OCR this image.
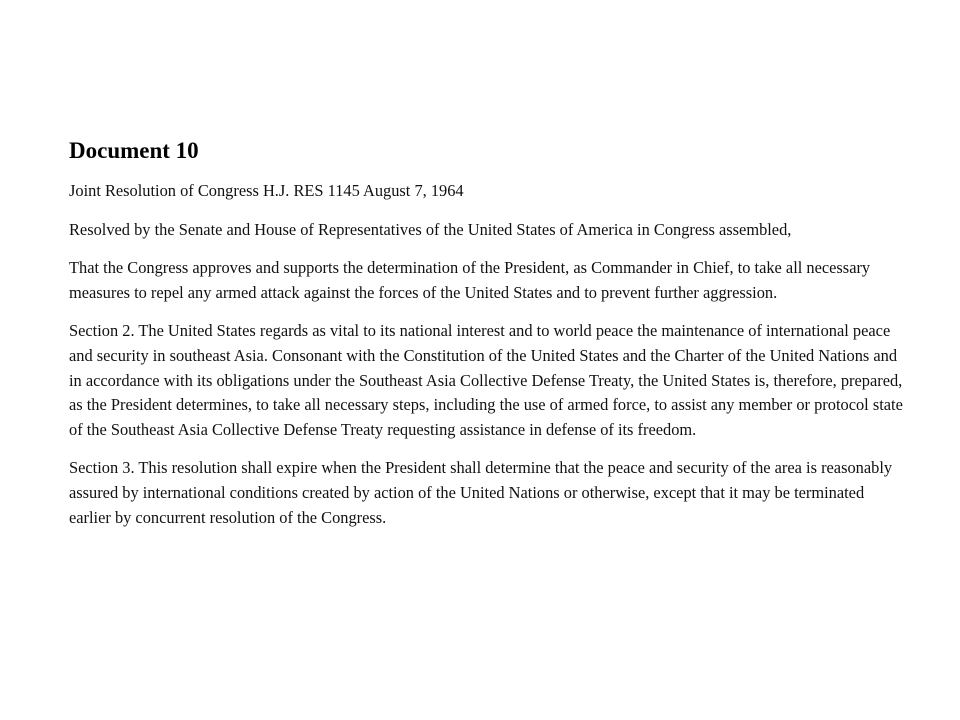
Document 10

Joint Resolution of Congress H.J. RES 1145 August 7, 1964

Resolved by the Senate and House of Representatives of the United States of America in Congress assembled,

That the Congress approves and supports the determination of the President, as Commander in Chief, to take all necessary measures to repel any armed attack against the forces of the United States and to prevent further aggression.

Section 2. The United States regards as vital to its national interest and to world peace the maintenance of international peace and security in southeast Asia. Consonant with the Constitution of the United States and the Charter of the United Nations and in accordance with its obligations under the Southeast Asia Collective Defense Treaty, the United States is, therefore, prepared, as the President determines, to take all necessary steps, including the use of armed force, to assist any member or protocol state of the Southeast Asia Collective Defense Treaty requesting assistance in defense of its freedom.

Section 3. This resolution shall expire when the President shall determine that the peace and security of the area is reasonably assured by international conditions created by action of the United Nations or otherwise, except that it may be terminated earlier by concurrent resolution of the Congress.
